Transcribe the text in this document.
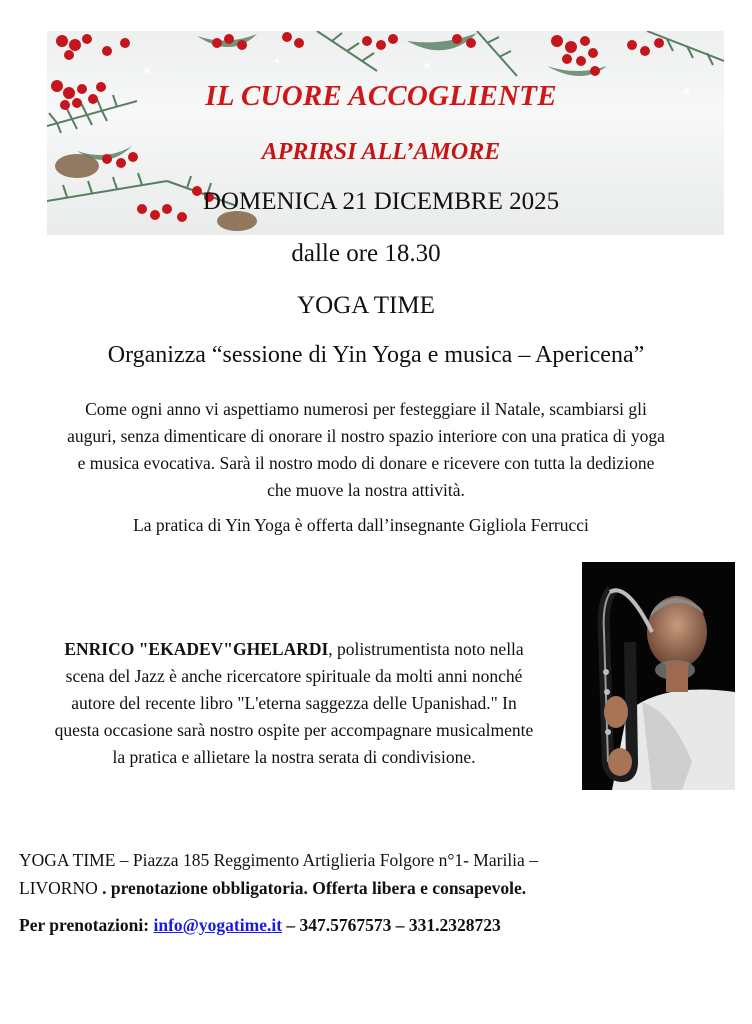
IL CUORE ACCOGLIENTE
APRIRSI ALL’AMORE
DOMENICA 21 DICEMBRE 2025
dalle ore 18.30
YOGA TIME
Organizza “sessione di Yin Yoga e musica – Apericena”
Come ogni anno vi aspettiamo numerosi per festeggiare il Natale, scambiarsi gli
auguri, senza dimenticare di onorare il nostro spazio interiore con una pratica di yoga
e musica evocativa. Sarà il nostro modo di donare e ricevere con tutta la dedizione
che muove la nostra attività.
La pratica di Yin Yoga è offerta dall’insegnante Gigliola Ferrucci
ENRICO "EKADEV"GHELARDI, polistrumentista noto nella
scena del Jazz è anche ricercatore spirituale da molti anni nonché
autore del recente libro "L'eterna saggezza delle Upanishad." In
questa occasione sarà nostro ospite per accompagnare musicalmente
la pratica e allietare la nostra serata di condivisione.
YOGA TIME – Piazza 185 Reggimento Artiglieria Folgore n°1- Marilia –
LIVORNO . prenotazione obbligatoria. Offerta libera e consapevole.
Per prenotazioni: info@yogatime.it – 347.5767573 – 331.2328723
